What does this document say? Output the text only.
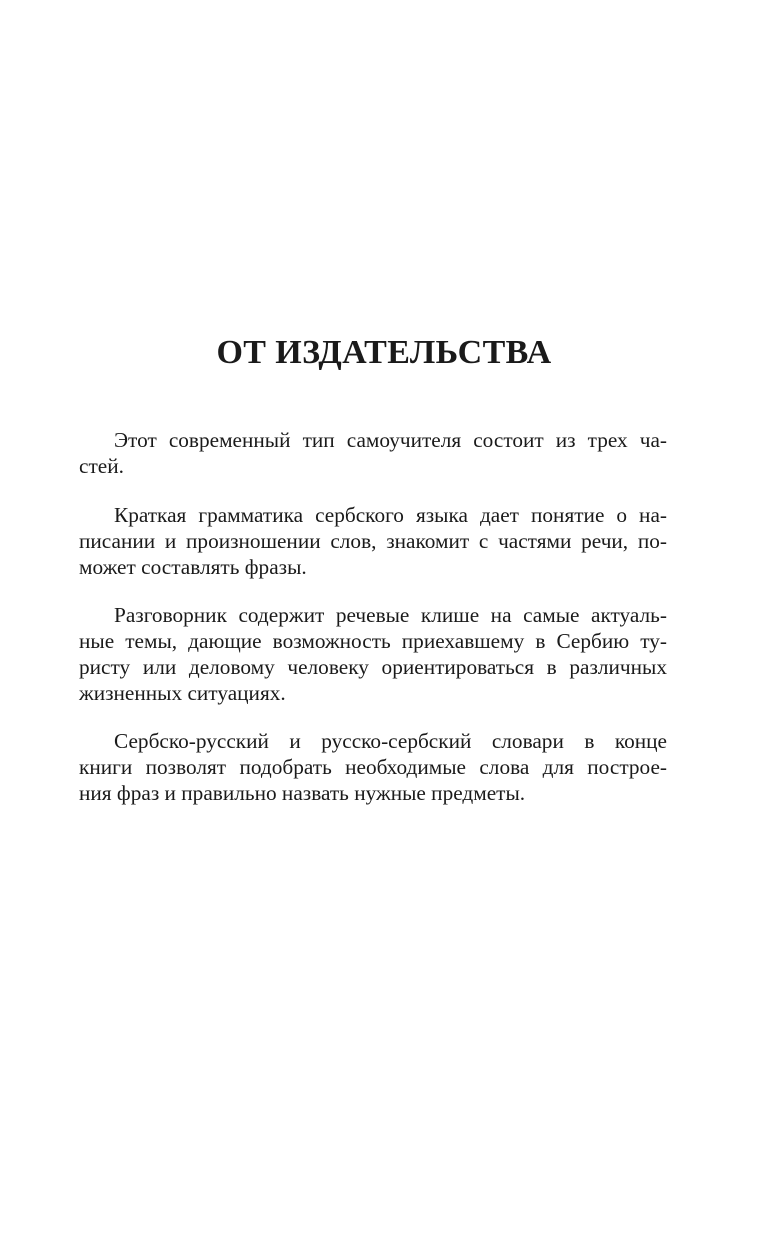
ОТ ИЗДАТЕЛЬСТВА
Этот современный тип самоучителя состоит из трех ча-
стей.
Краткая грамматика сербского языка дает понятие о на-
писании и произношении слов, знакомит с частями речи, по-
может составлять фразы.
Разговорник содержит речевые клише на самые актуаль-
ные темы, дающие возможность приехавшему в Сербию ту-
ристу или деловому человеку ориентироваться в различных
жизненных ситуациях.
Сербско-русский и русско-сербский словари в конце
книги позволят подобрать необходимые слова для построе-
ния фраз и правильно назвать нужные предметы.
